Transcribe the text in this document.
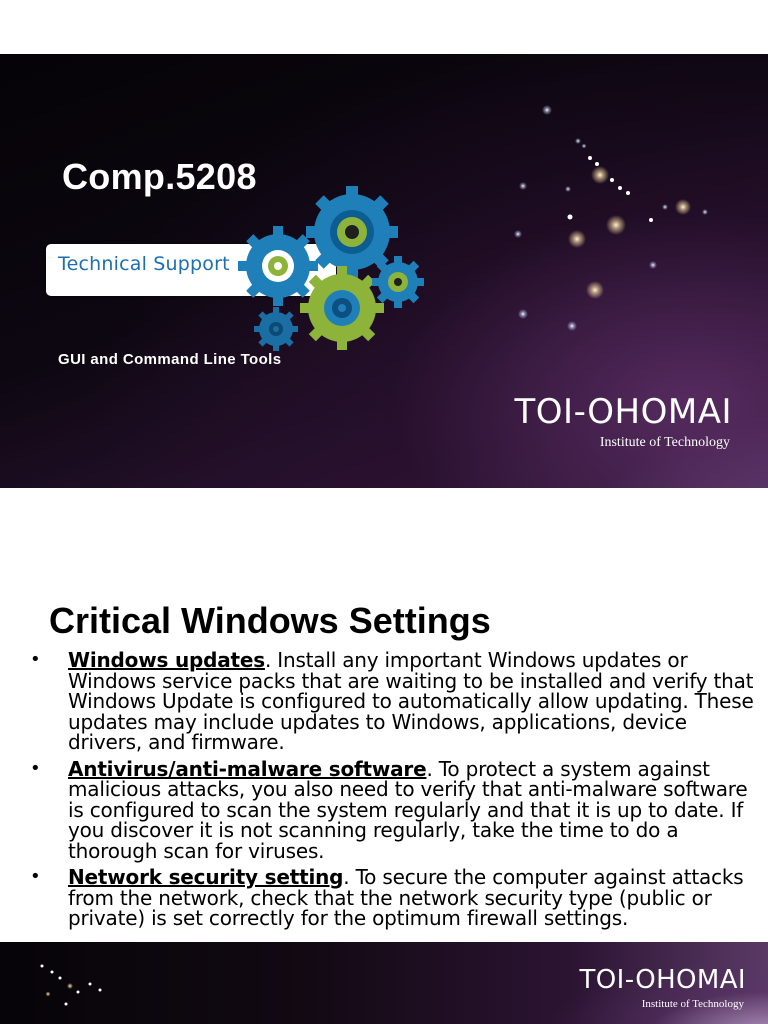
Comp.5208
Technical Support
GUI and Command Line Tools
TOI-OHOMAI
Institute of Technology
Critical Windows Settings
• Windows updates. Install any important Windows updates or Windows service packs that are waiting to be installed and verify that Windows Update is configured to automatically allow updating. These updates may include updates to Windows, applications, device drivers, and firmware.
• Antivirus/anti-malware software. To protect a system against malicious attacks, you also need to verify that anti-malware software is configured to scan the system regularly and that it is up to date. If you discover it is not scanning regularly, take the time to do a thorough scan for viruses.
• Network security setting. To secure the computer against attacks from the network, check that the network security type (public or private) is set correctly for the optimum firewall settings.
TOI-OHOMAI
Institute of Technology
